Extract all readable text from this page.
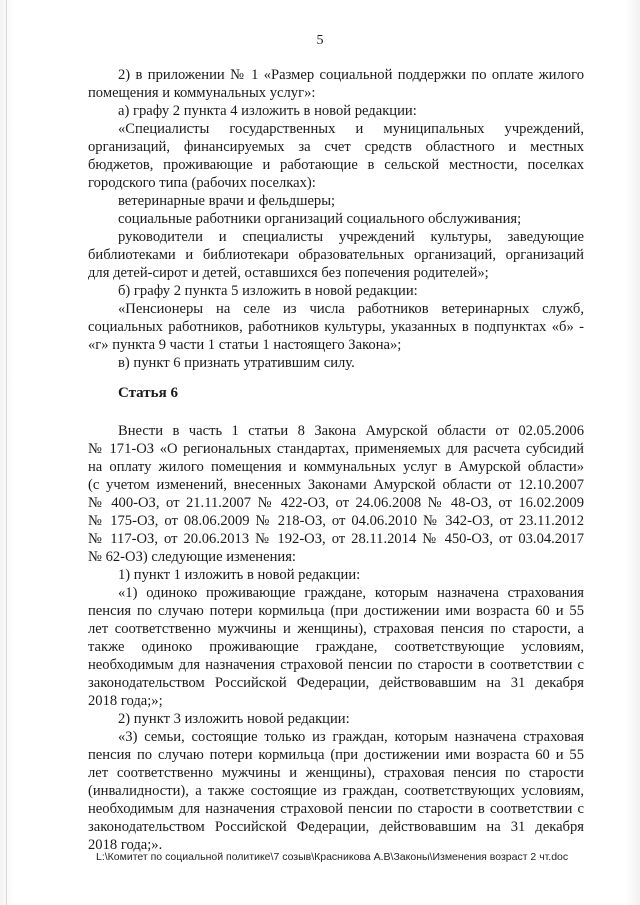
5
2) в приложении № 1 «Размер социальной поддержки по оплате жилого
помещения и коммунальных услуг»:
а) графу 2 пункта 4 изложить в новой редакции:
«Специалисты государственных и муниципальных учреждений,
организаций, финансируемых за счет средств областного и местных
бюджетов, проживающие и работающие в сельской местности, поселках
городского типа (рабочих поселках):
ветеринарные врачи и фельдшеры;
социальные работники организаций социального обслуживания;
руководители и специалисты учреждений культуры, заведующие
библиотеками и библиотекари образовательных организаций, организаций
для детей-сирот и детей, оставшихся без попечения родителей»;
б) графу 2 пункта 5 изложить в новой редакции:
«Пенсионеры на селе из числа работников ветеринарных служб,
социальных работников, работников культуры, указанных в подпунктах «б» -
«г» пункта 9 части 1 статьи 1 настоящего Закона»;
в) пункт 6 признать утратившим силу.
Статья 6
Внести в часть 1 статьи 8 Закона Амурской области от 02.05.2006
№ 171-ОЗ «О региональных стандартах, применяемых для расчета субсидий
на оплату жилого помещения и коммунальных услуг в Амурской области»
(с учетом изменений, внесенных Законами Амурской области от 12.10.2007
№ 400-ОЗ, от 21.11.2007 № 422-ОЗ, от 24.06.2008 № 48-ОЗ, от 16.02.2009
№ 175-ОЗ, от 08.06.2009 № 218-ОЗ, от 04.06.2010 № 342-ОЗ, от 23.11.2012
№ 117-ОЗ, от 20.06.2013 № 192-ОЗ, от 28.11.2014 № 450-ОЗ, от 03.04.2017
№ 62-ОЗ) следующие изменения:
1) пункт 1 изложить в новой редакции:
«1) одиноко проживающие граждане, которым назначена страхования
пенсия по случаю потери кормильца (при достижении ими возраста 60 и 55
лет соответственно мужчины и женщины), страховая пенсия по старости, а
также одиноко проживающие граждане, соответствующие условиям,
необходимым для назначения страховой пенсии по старости в соответствии с
законодательством Российской Федерации, действовавшим на 31 декабря
2018 года;»;
2) пункт 3 изложить новой редакции:
«3) семьи, состоящие только из граждан, которым назначена страховая
пенсия по случаю потери кормильца (при достижении ими возраста 60 и 55
лет соответственно мужчины и женщины), страховая пенсия по старости
(инвалидности), а также состоящие из граждан, соответствующих условиям,
необходимым для назначения страховой пенсии по старости в соответствии с
законодательством Российской Федерации, действовавшим на 31 декабря
2018 года;».
L:\Комитет по социальной политике\7 созыв\Красникова А.В\Законы\Изменения возраст 2 чт.doc
